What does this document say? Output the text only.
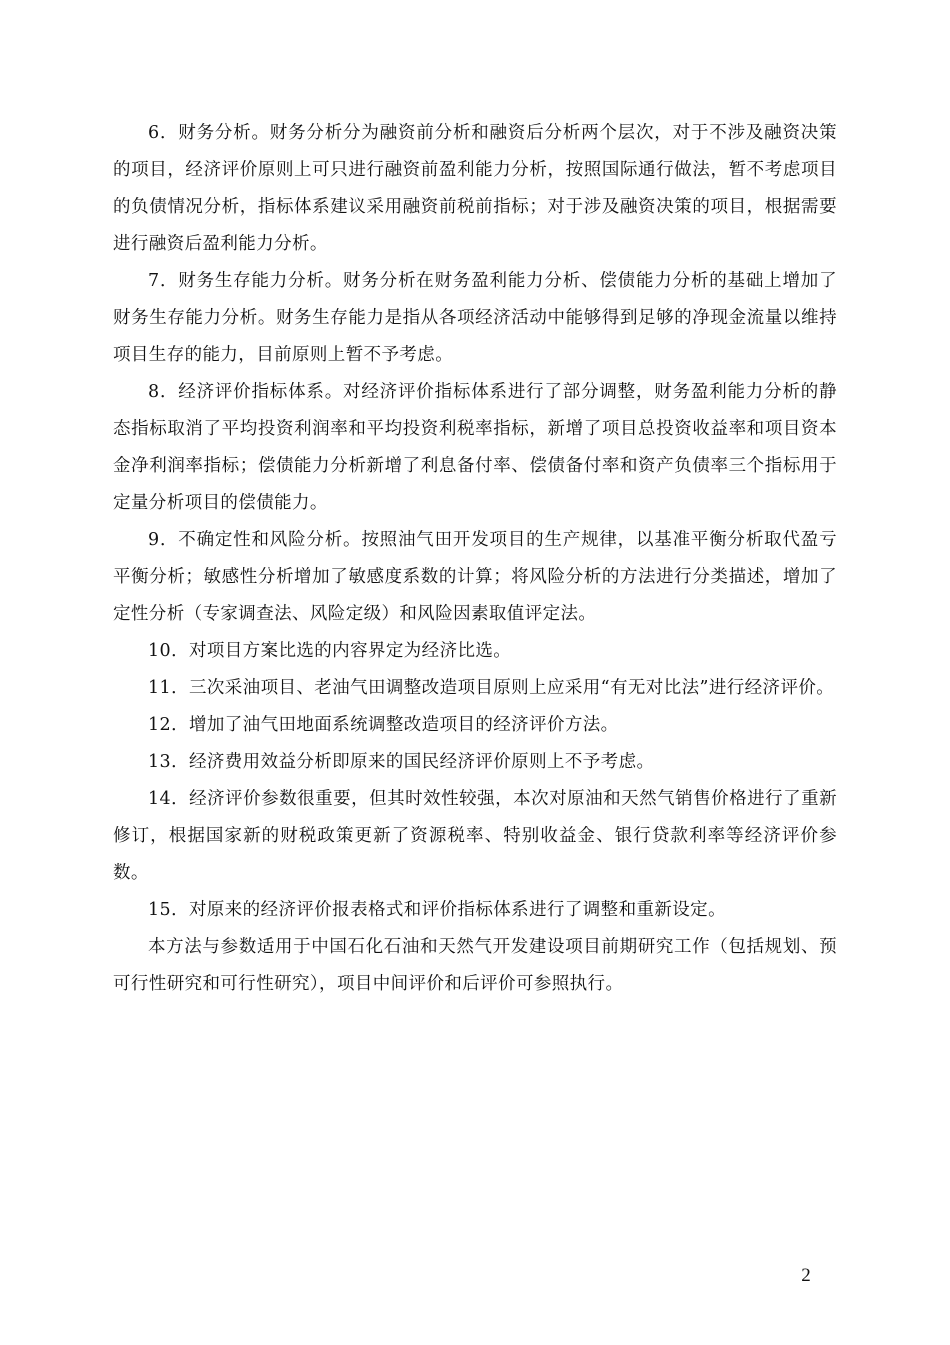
6．财务分析。财务分析分为融资前分析和融资后分析两个层次，对于不涉及融资决策的项目，经济评价原则上可只进行融资前盈利能力分析，按照国际通行做法，暂不考虑项目的负债情况分析，指标体系建议采用融资前税前指标；对于涉及融资决策的项目，根据需要进行融资后盈利能力分析。

7．财务生存能力分析。财务分析在财务盈利能力分析、偿债能力分析的基础上增加了财务生存能力分析。财务生存能力是指从各项经济活动中能够得到足够的净现金流量以维持项目生存的能力，目前原则上暂不予考虑。

8．经济评价指标体系。对经济评价指标体系进行了部分调整，财务盈利能力分析的静态指标取消了平均投资利润率和平均投资利税率指标，新增了项目总投资收益率和项目资本金净利润率指标；偿债能力分析新增了利息备付率、偿债备付率和资产负债率三个指标用于定量分析项目的偿债能力。

9．不确定性和风险分析。按照油气田开发项目的生产规律，以基准平衡分析取代盈亏平衡分析；敏感性分析增加了敏感度系数的计算；将风险分析的方法进行分类描述，增加了定性分析（专家调查法、风险定级）和风险因素取值评定法。

10．对项目方案比选的内容界定为经济比选。

11．三次采油项目、老油气田调整改造项目原则上应采用“有无对比法”进行经济评价。

12．增加了油气田地面系统调整改造项目的经济评价方法。

13．经济费用效益分析即原来的国民经济评价原则上不予考虑。

14．经济评价参数很重要，但其时效性较强，本次对原油和天然气销售价格进行了重新修订，根据国家新的财税政策更新了资源税率、特别收益金、银行贷款利率等经济评价参数。

15．对原来的经济评价报表格式和评价指标体系进行了调整和重新设定。

本方法与参数适用于中国石化石油和天然气开发建设项目前期研究工作（包括规划、预可行性研究和可行性研究），项目中间评价和后评价可参照执行。

2
